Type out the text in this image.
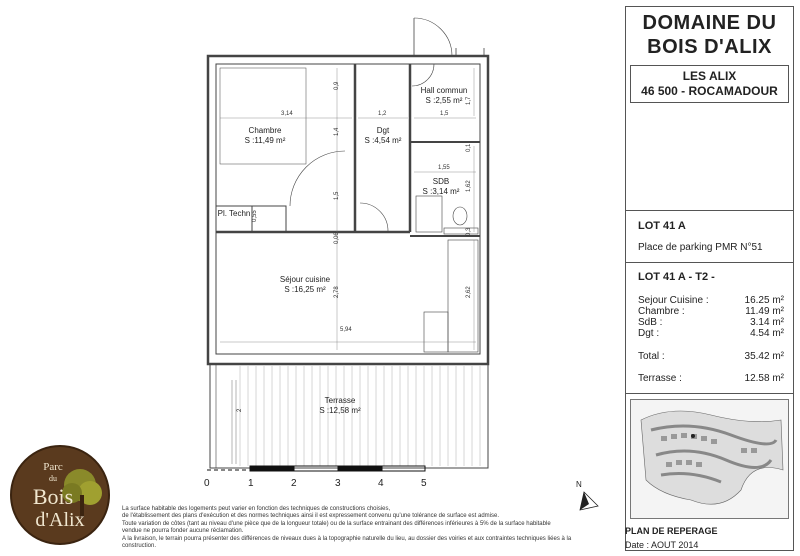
Chambre
S :11,49 m²
Dgt
S :4,54 m²
Hall commun
S :2,55 m²
SDB
S :3,14 m²
Pl. Techn
Séjour cuisine
S :16,25 m²
Terrasse
S :12,58 m²
3,14	1,2	1,5
1,55
5,94
0,9
1,4
1,5
0,06
2,78
1,7
0,1
1,62
0,3
2,62
0,55
2
0	1	2	3	4	5	N
Parc
du
Bois
d'Alix	La surface habitable des logements peut varier en fonction des techniques de constructions choisies,
de l'établissement des plans d'exécution et des normes techniques ainsi il est expressement convenu qu'une tolérance de surface est admise.
Toute variation de côtes (tant au niveau d'une pièce que de la longueur totale) ou de la surface entrainant des différences inférieures à 5% de la surface habitable
vendue ne pourra fonder aucune réclamation.
A la livraison, le terrain pourra présenter des différences de niveaux dues à la topographie naturelle du lieu, au dossier des voiries et aux contraintes techniques liées à la
construction.
DOMAINE DU BOIS D'ALIX
LES ALIX
46 500 - ROCAMADOUR
LOT 41 A
Place de parking PMR N°51
LOT 41 A - T2 -
Sejour Cuisine :	16.25 m²
Chambre :	11.49 m²
SdB :	3.14 m²
Dgt :	4.54 m²
Total :	35.42 m²
Terrasse :	12.58 m²
PLAN DE REPERAGE
Date : AOUT 2014
